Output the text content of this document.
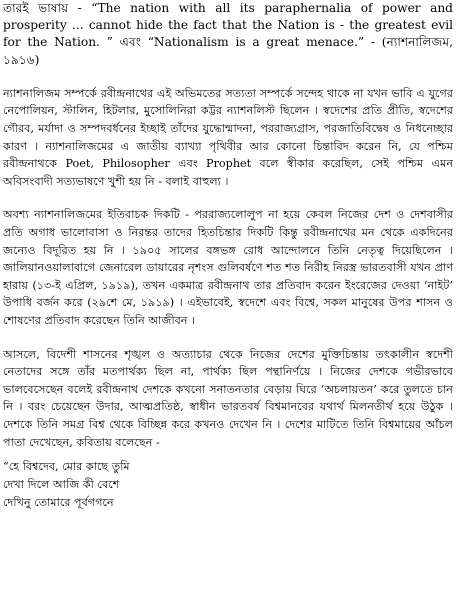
তারই ভাষায় - “The nation with all its paraphernalia of power and prosperity ... cannot hide the fact that the Nation is - the greatest evil for the Nation. ” এবং “Nationalism is a great menace.” - (ন্যাশনালিজম, ১৯১৬)

ন্যাশনালিজম সম্পর্কে রবীন্দ্রনাথের এই অভিমতের সত্যতা সম্পর্কে সন্দেহ থাকে না যখন ভাবি এ যুগের নেপোলিয়ন, স্টালিন, হিটলার, মুসোলিনিরা কট্টর ন্যাশনলিস্ট ছিলেন । স্বদেশের প্রতি প্রীতি, স্বদেশের গৌরব, মর্যাদা ও সম্পদবর্ধনের ইচ্ছাই তাঁদের যুদ্ধোন্মাদনা, পররাজ্যগ্রাস, পরজাতিবিদ্বেষ ও নিধনেচ্ছার কারণ । ন্যাশনালিজমের এ জাতীয় ব্যাখ্যা পৃথিবীর আর কোনো চিন্তাবিদ করেন নি, যে পশ্চিম রবীন্দ্রনাথকে Poet, Philosopher এবং Prophet বলে স্বীকার করেছিল, সেই পশ্চিম এমন অবিসংবাদী সত্যভাষণে খুশী হয় নি - বলাই বাহুল্য ।

অবশ্য ন্যাশনালিজমের ইতিবাচক দিকটি - পররাজ্যলোলুপ না হয়ে কেবল নিজের দেশ ও দেশবাসীর প্রতি অগাধ ভালোবাসা ও নিরন্তর তাদের হিতচিন্তার দিকটি কিন্তু রবীন্দ্রনাথের মন থেকে একদিনের জন্যেও বিদূরিত হয় নি । ১৯০৫ সালের বঙ্গভঙ্গ রোধ আন্দোলনে তিনি নেতৃত্ব দিয়েছিলেন । জালিয়ানওয়ালাবাগে জেনারেল ডায়ারের নৃশংস গুলিবর্ষণে শত শত নিরীহ নিরস্ত্র ভারতবাসী যখন প্রাণ হারায় (১৩-ই এপ্রিল, ১৯১৯), তখন একমাত্র রবীন্দ্রনাথ তার প্রতিবাদ করেন ইংরেজের দেওয়া ‘নাইট’ উপাধি বর্জন করে (২৯শে মে, ১৯১৯) । এইভাবেই, স্বদেশে এবং বিশ্বে, সকল মানুষের উপর শাসন ও শোষণের প্রতিবাদ করেছেন তিনি আজীবন ।

আসলে, বিদেশী শাসনের শৃঙ্খল ও অত্যাচার থেকে নিজের দেশের মুক্তিচিন্তায় তৎকালীন স্বদেশী নেতাদের সঙ্গে তাঁর মতপার্থক্য ছিল না, পার্থক্য ছিল পন্থানির্ণয়ে । নিজের দেশকে গভীরভাবে ভালবেসেছেন বলেই রবীন্দ্রনাথ দেশকে কখনো সনাতনতার বেড়ায় ঘিরে ‘অচলায়তন’ করে তুলতে চান নি । বরং চেয়েছেন উদার, আত্মপ্রতিষ্ঠ, স্বাধীন ভারতবর্ষ বিশ্বমানবের যথার্থ মিলনতীর্থ হয়ে উঠুক । দেশকে তিনি সমগ্র বিশ্ব থেকে বিচ্ছিন্ন করে কখনও দেখেন নি । দেশের মাটিতে তিনি বিশ্বমায়ের আঁচল পাতা দেখেছেন, কবিতায় বলেছেন -

“হে বিশ্বদেব, মোর কাছে তুমি
দেখা দিলে আজি কী বেশে
দেখিনু তোমারে পূর্বগগনে
